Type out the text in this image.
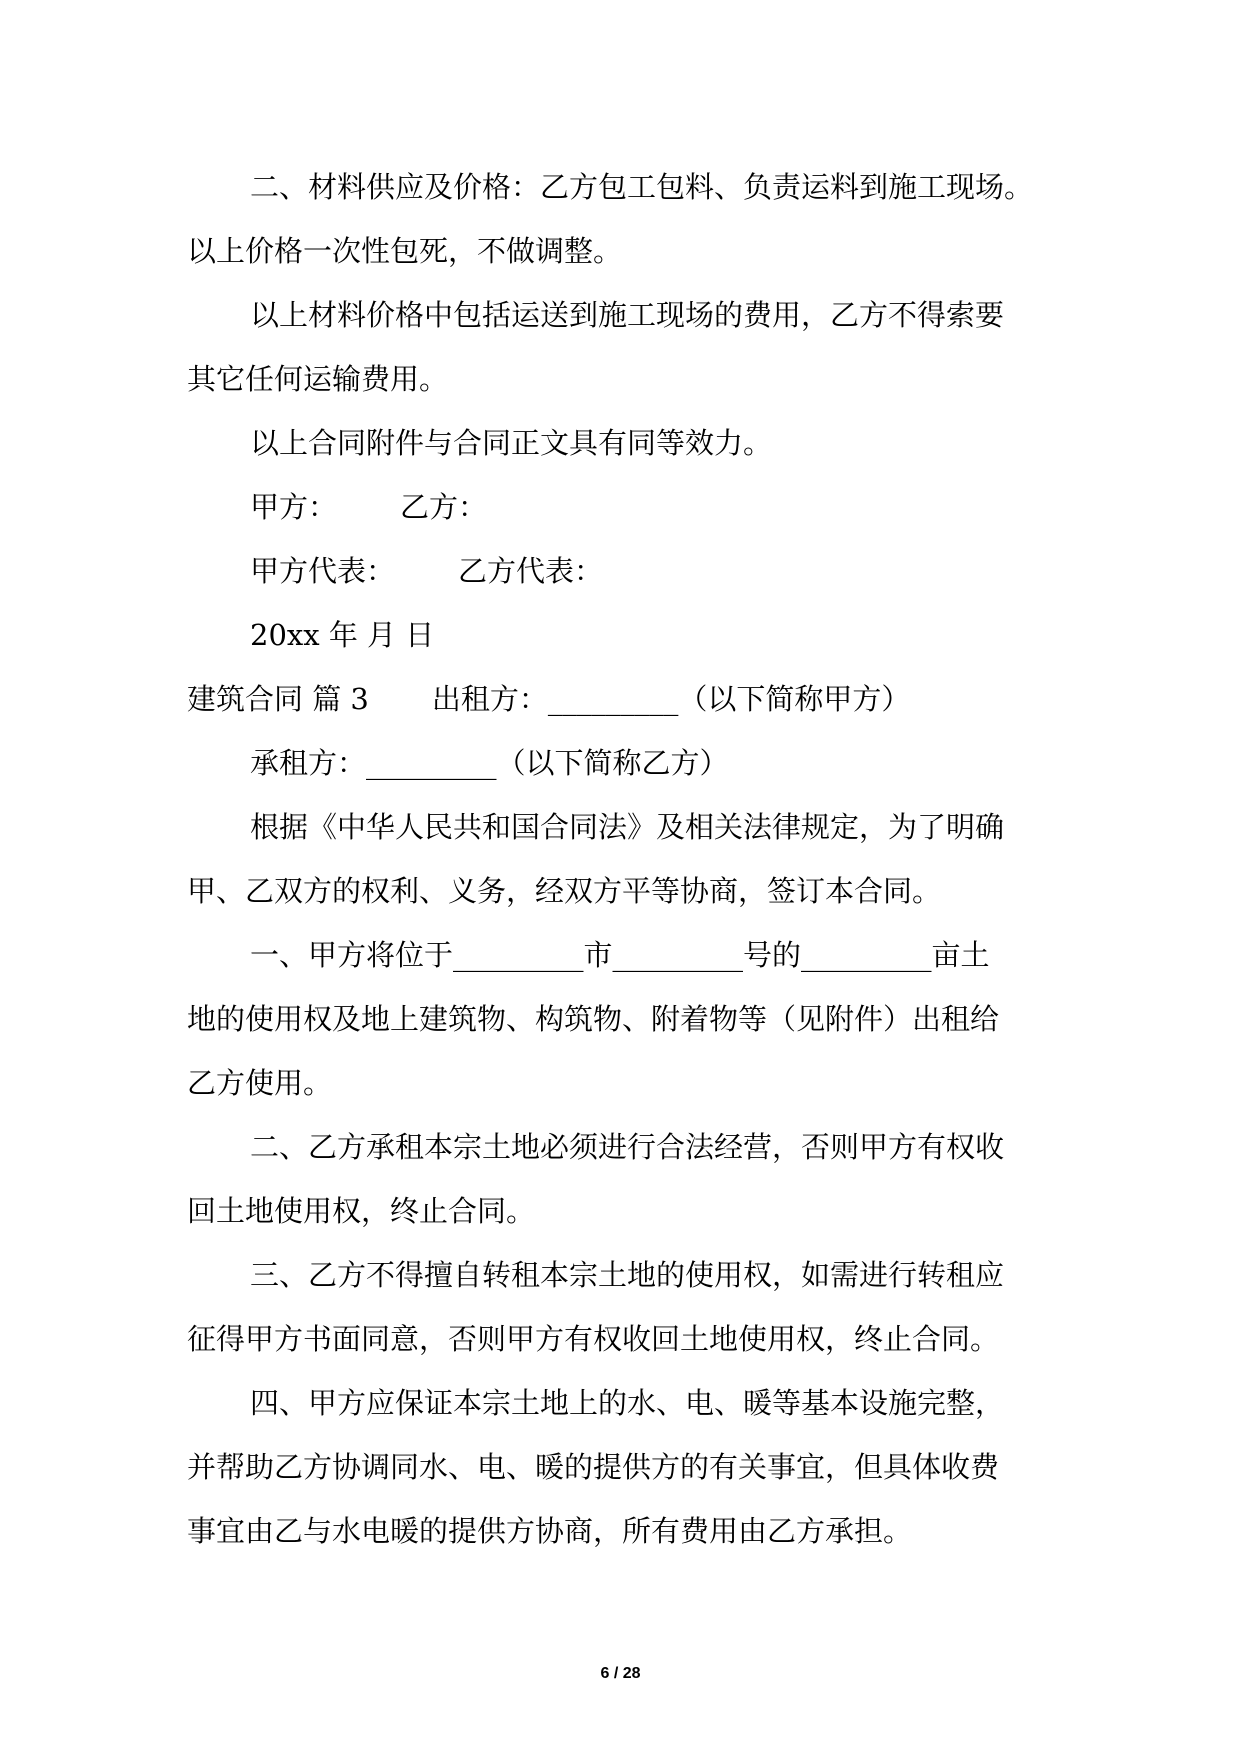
二、材料供应及价格：乙方包工包料、负责运料到施工现场。
以上价格一次性包死，不做调整。
以上材料价格中包括运送到施工现场的费用，乙方不得索要
其它任何运输费用。
以上合同附件与合同正文具有同等效力。
甲方： 乙方：
甲方代表： 乙方代表：
20xx 年 月 日
建筑合同 篇 3 出租方：_________（以下简称甲方）
承租方：_________（以下简称乙方）
根据《中华人民共和国合同法》及相关法律规定，为了明确
甲、乙双方的权利、义务，经双方平等协商，签订本合同。
一、甲方将位于_________市_________号的_________亩土
地的使用权及地上建筑物、构筑物、附着物等（见附件）出租给
乙方使用。
二、乙方承租本宗土地必须进行合法经营，否则甲方有权收
回土地使用权，终止合同。
三、乙方不得擅自转租本宗土地的使用权，如需进行转租应
征得甲方书面同意，否则甲方有权收回土地使用权，终止合同。
四、甲方应保证本宗土地上的水、电、暖等基本设施完整，
并帮助乙方协调同水、电、暖的提供方的有关事宜，但具体收费
事宜由乙与水电暖的提供方协商，所有费用由乙方承担。
6 / 28
